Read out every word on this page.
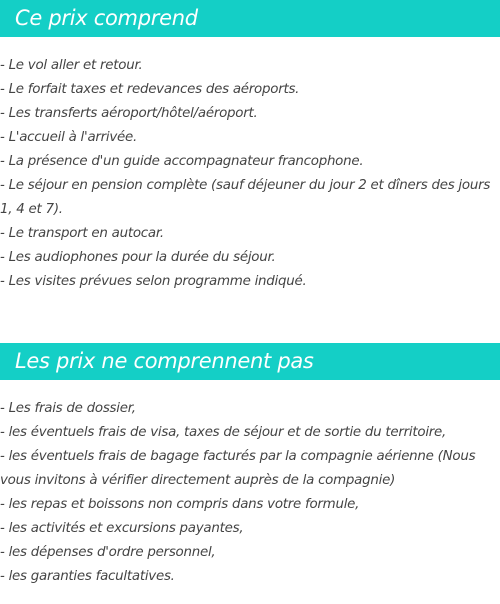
Ce prix comprend
- Le vol aller et retour.
- Le forfait taxes et redevances des aéroports.
- Les transferts aéroport/hôtel/aéroport.
- L'accueil à l'arrivée.
- La présence d'un guide accompagnateur francophone.
- Le séjour en pension complète (sauf déjeuner du jour 2 et dîners des jours 1, 4 et 7).
- Le transport en autocar.
- Les audiophones pour la durée du séjour.
- Les visites prévues selon programme indiqué.
Les prix ne comprennent pas
- Les frais de dossier,
- les éventuels frais de visa, taxes de séjour et de sortie du territoire,
- les éventuels frais de bagage facturés par la compagnie aérienne (Nous vous invitons à vérifier directement auprès de la compagnie)
- les repas et boissons non compris dans votre formule,
- les activités et excursions payantes,
- les dépenses d'ordre personnel,
- les garanties facultatives.
